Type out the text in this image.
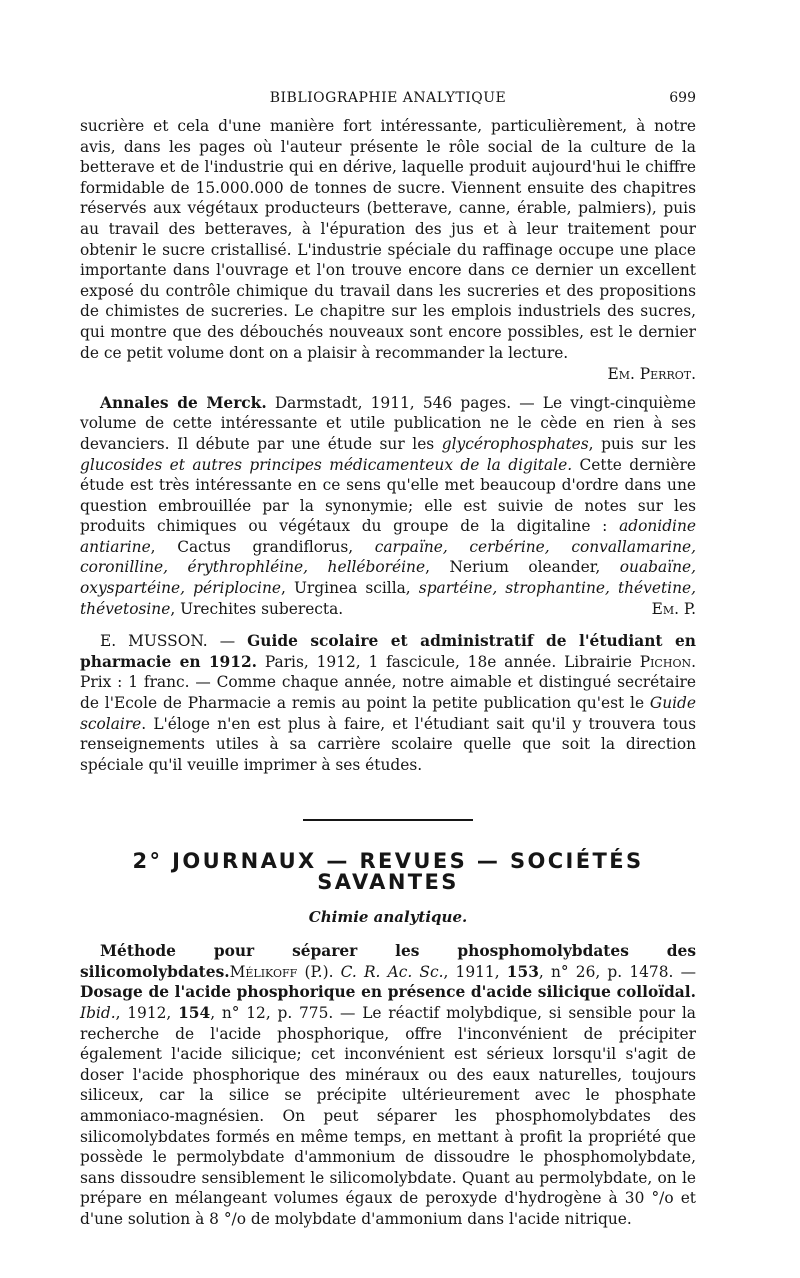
BIBLIOGRAPHIE ANALYTIQUE	699

sucrière et cela d'une manière fort intéressante, particulièrement, à notre avis, dans les pages où l'auteur présente le rôle social de la culture de la betterave et de l'industrie qui en dérive, laquelle produit aujourd'hui le chiffre formidable de 15.000.000 de tonnes de sucre. Viennent ensuite des chapitres réservés aux végétaux producteurs (betterave, canne, érable, palmiers), puis au travail des betteraves, à l'épuration des jus et à leur traitement pour obtenir le sucre cristallisé. L'industrie spéciale du raffinage occupe une place importante dans l'ouvrage et l'on trouve encore dans ce dernier un excellent exposé du contrôle chimique du travail dans les sucreries et des propositions de chimistes de sucreries. Le chapitre sur les emplois industriels des sucres, qui montre que des débouchés nouveaux sont encore possibles, est le dernier de ce petit volume dont on a plaisir à recommander la lecture.

Em. Perrot.

Annales de Merck. Darmstadt, 1911, 546 pages. — Le vingt-cinquième volume de cette intéressante et utile publication ne le cède en rien à ses devanciers. Il débute par une étude sur les glycérophosphates, puis sur les glucosides et autres principes médicamenteux de la digitale. Cette dernière étude est très intéressante en ce sens qu'elle met beaucoup d'ordre dans une question embrouillée par la synonymie; elle est suivie de notes sur les produits chimiques ou végétaux du groupe de la digitaline : adonidine antiarine, Cactus grandiflorus, carpaïne, cerbérine, convallamarine, coronilline, érythrophléine, helléboréine, Nerium oleander, ouabaïne, oxyspartéine, périplocine, Urginea scilla, spartéine, strophantine, thévetine, thévetosine, Urechites suberecta.	Em. P.

E. MUSSON. — Guide scolaire et administratif de l'étudiant en pharmacie en 1912. Paris, 1912, 1 fascicule, 18e année. Librairie Pichon. Prix : 1 franc. — Comme chaque année, notre aimable et distingué secrétaire de l'Ecole de Pharmacie a remis au point la petite publication qu'est le Guide scolaire. L'éloge n'en est plus à faire, et l'étudiant sait qu'il y trouvera tous renseignements utiles à sa carrière scolaire quelle que soit la direction spéciale qu'il veuille imprimer à ses études.

2° JOURNAUX — REVUES — SOCIÉTÉS SAVANTES
Chimie analytique.

Méthode pour séparer les phosphomolybdates des silicomolybdates.Mélikoff (P.). C. R. Ac. Sc., 1911, 153, n° 26, p. 1478. — Dosage de l'acide phosphorique en présence d'acide silicique colloïdal. Ibid., 1912, 154, n° 12, p. 775. — Le réactif molybdique, si sensible pour la recherche de l'acide phosphorique, offre l'inconvénient de précipiter également l'acide silicique; cet inconvénient est sérieux lorsqu'il s'agit de doser l'acide phosphorique des minéraux ou des eaux naturelles, toujours siliceux, car la silice se précipite ultérieurement avec le phosphate ammoniaco-magnésien. On peut séparer les phosphomolybdates des silicomolybdates formés en même temps, en mettant à profit la propriété que possède le permolybdate d'ammonium de dissoudre le phosphomolybdate, sans dissoudre sensiblement le silicomolybdate. Quant au permolybdate, on le prépare en mélangeant volumes égaux de peroxyde d'hydrogène à 30 °/o et d'une solution à 8 °/o de molybdate d'ammonium dans l'acide nitrique.
